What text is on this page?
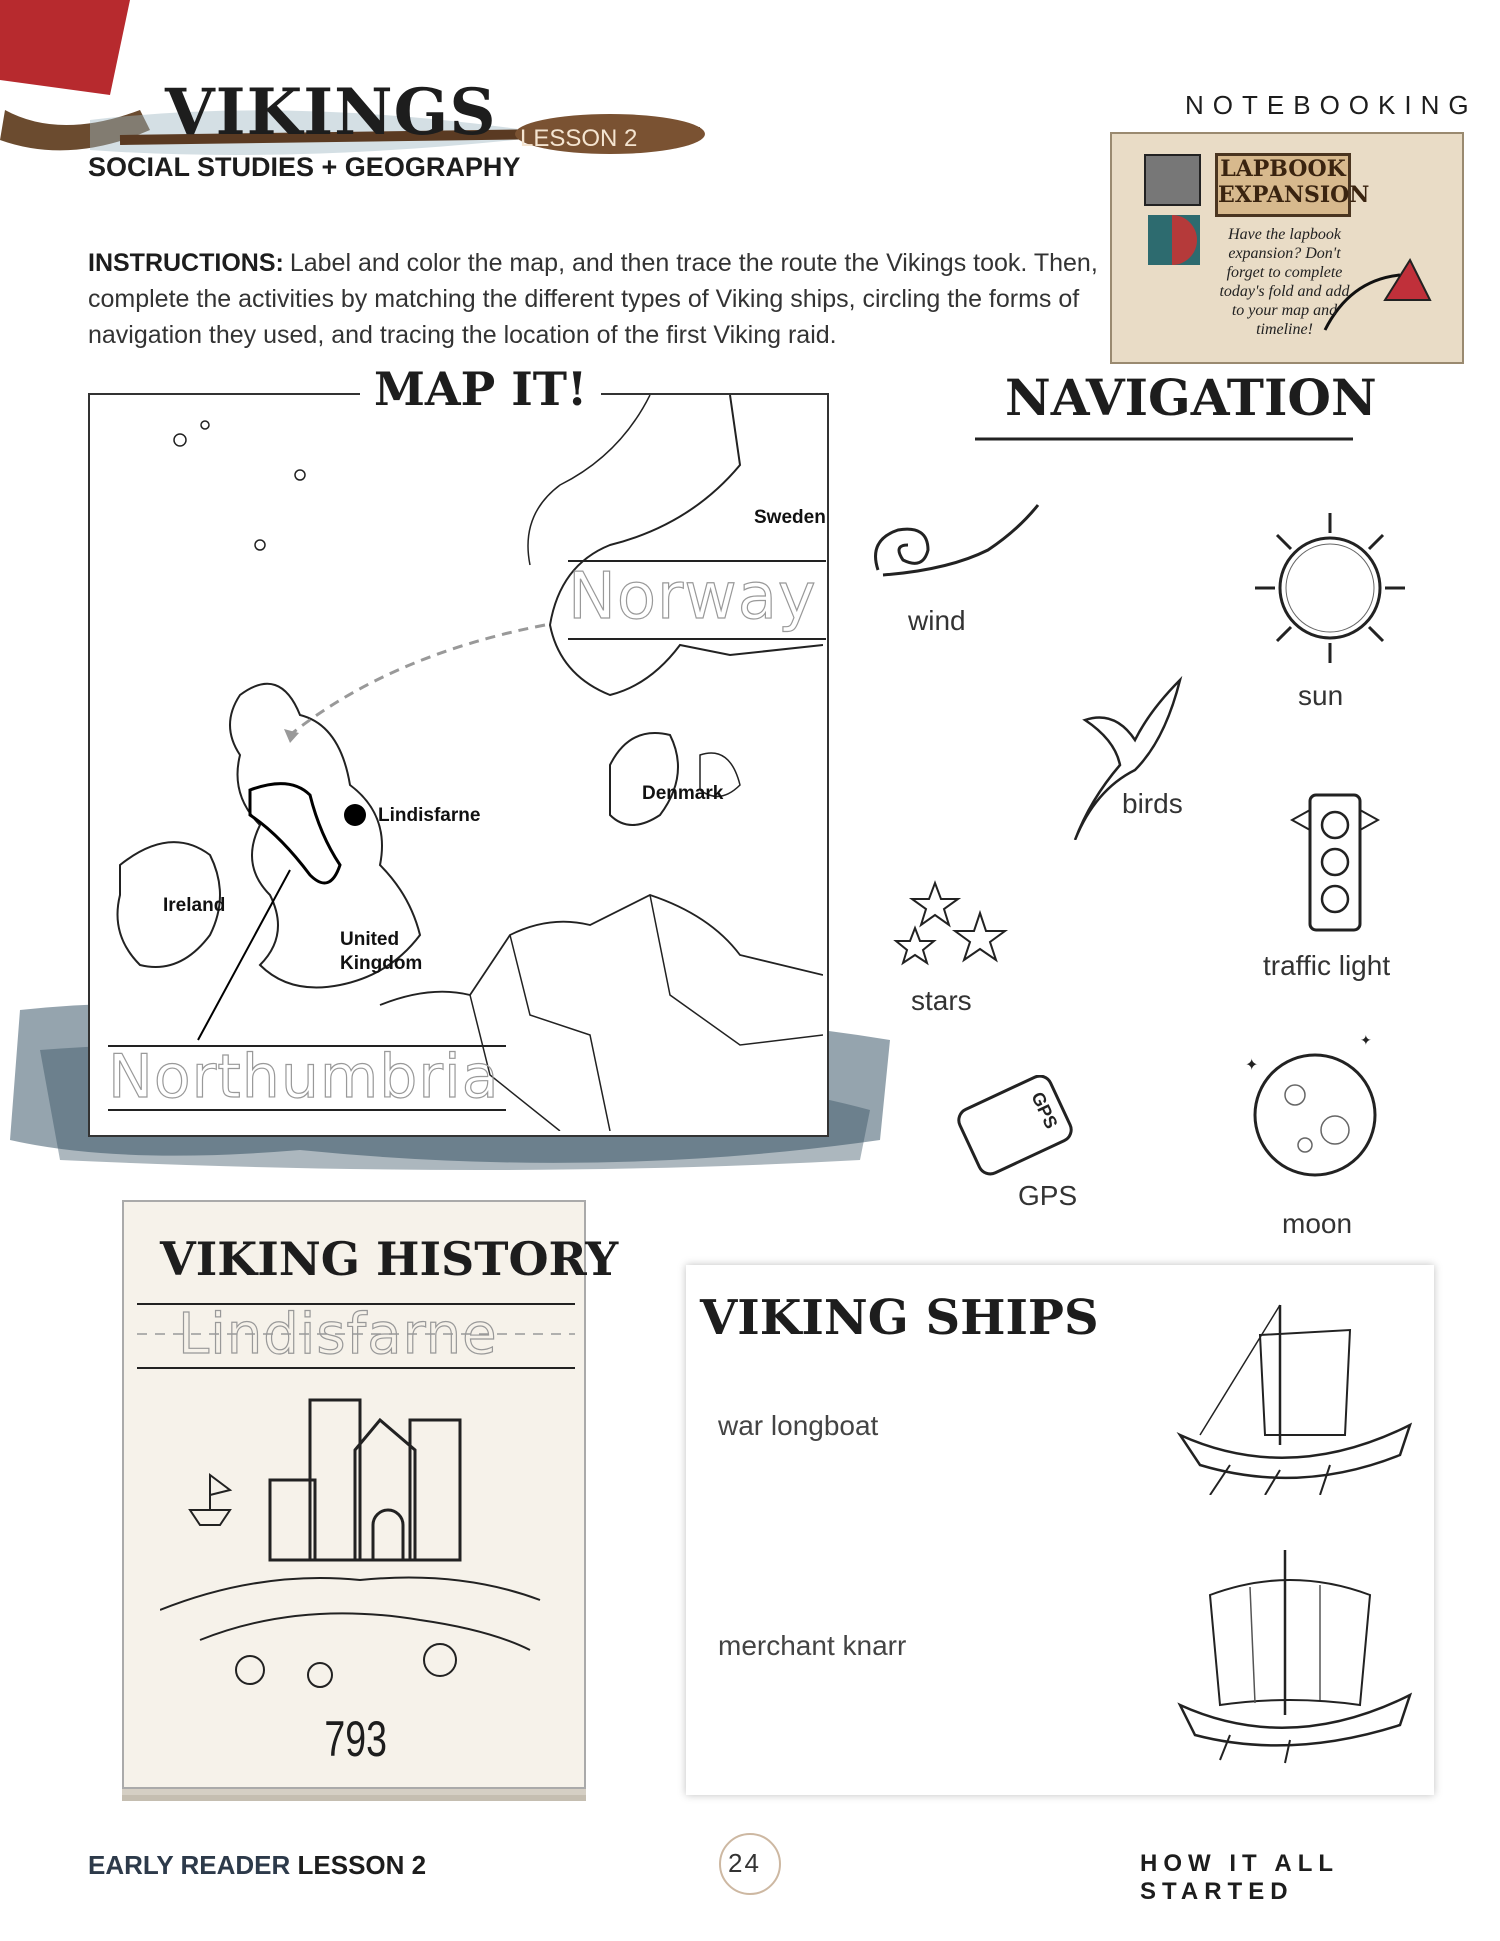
VIKINGS
SOCIAL STUDIES + GEOGRAPHY
LESSON 2
NOTEBOOKING
LAPBOOK
EXPANSION
Have the lapbook expansion? Don't forget to complete today's fold and add to your map and timeline!
INSTRUCTIONS: Label and color the map, and then trace the route the Vikings took. Then, complete the activities by matching the different types of Viking ships, circling the forms of navigation they used, and tracing the location of the first Viking raid.
MAP IT!
Sweden
Denmark
Lindisfarne
Ireland
United
Kingdom
Norway
Northumbria
NAVIGATION
wind
sun
birds
traffic light
stars
GPS
GPS
✦
✦
moon
VIKING HISTORY
Lindisfarne
793
VIKING SHIPS
war longboat
merchant knarr
EARLY READER LESSON 2	24	HOW IT ALL STARTED
